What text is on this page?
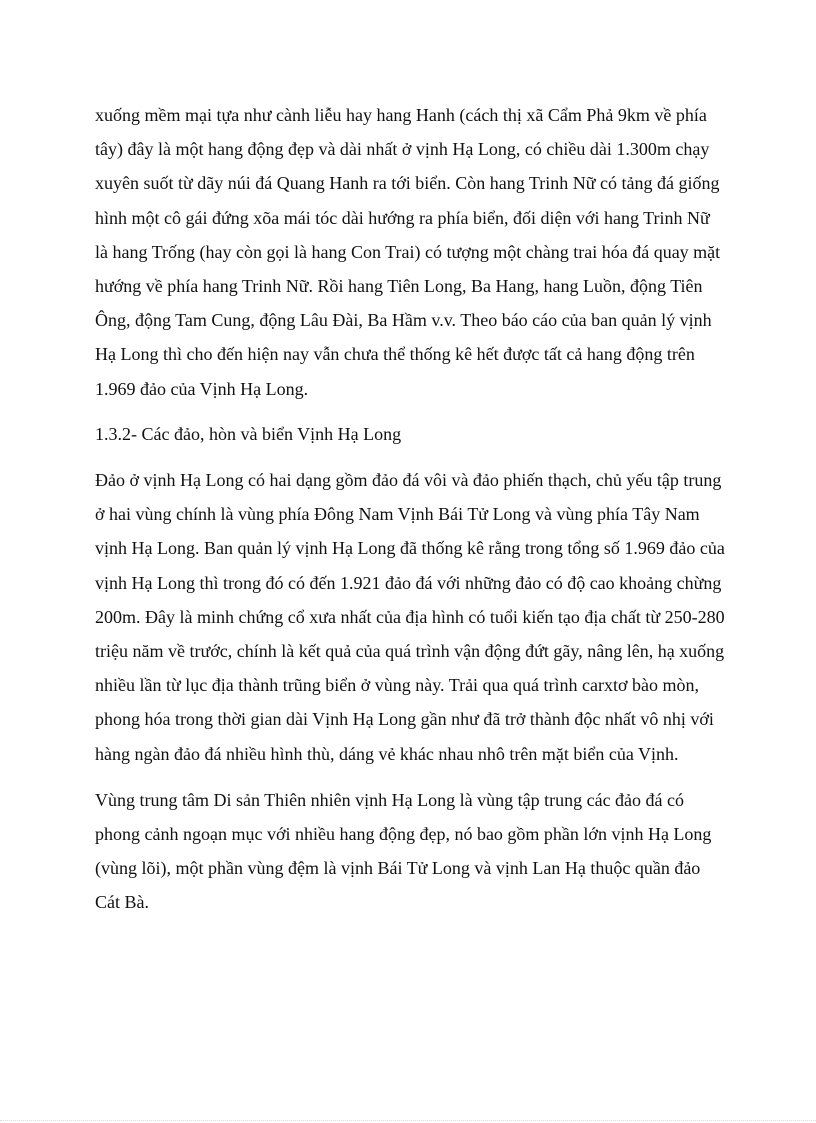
xuống mềm mại tựa như cành liễu hay hang Hanh (cách thị xã Cẩm Phả 9km về phía tây) đây là một hang động đẹp và dài nhất ở vịnh Hạ Long, có chiều dài 1.300m chạy xuyên suốt từ dãy núi đá Quang Hanh ra tới biển. Còn hang Trinh Nữ có tảng đá giống hình một cô gái đứng xõa mái tóc dài hướng ra phía biển, đối diện với hang Trinh Nữ là hang Trống (hay còn gọi là hang Con Trai) có tượng một chàng trai hóa đá quay mặt hướng về phía hang Trinh Nữ. Rồi hang Tiên Long, Ba Hang, hang Luồn, động Tiên Ông, động Tam Cung, động Lâu Đài, Ba Hầm v.v. Theo báo cáo của ban quản lý vịnh Hạ Long thì cho đến hiện nay vẫn chưa thể thống kê hết được tất cả hang động trên 1.969 đảo của Vịnh Hạ Long.

1.3.2- Các đảo, hòn và biển Vịnh Hạ Long

Đảo ở vịnh Hạ Long có hai dạng gồm đảo đá vôi và đảo phiến thạch, chủ yếu tập trung ở hai vùng chính là vùng phía Đông Nam Vịnh Bái Tử Long và vùng phía Tây Nam vịnh Hạ Long. Ban quản lý vịnh Hạ Long đã thống kê rằng trong tổng số 1.969 đảo của vịnh Hạ Long thì trong đó có đến 1.921 đảo đá với những đảo có độ cao khoảng chừng 200m. Đây là minh chứng cổ xưa nhất của địa hình có tuổi kiến tạo địa chất từ 250-280 triệu năm về trước, chính là kết quả của quá trình vận động đứt gãy, nâng lên, hạ xuống nhiều lần từ lục địa thành trũng biển ở vùng này. Trải qua quá trình carxtơ bào mòn, phong hóa trong thời gian dài Vịnh Hạ Long gần như đã trở thành độc nhất vô nhị với hàng ngàn đảo đá nhiều hình thù, dáng vẻ khác nhau nhô trên mặt biển của Vịnh.

Vùng trung tâm Di sản Thiên nhiên vịnh Hạ Long là vùng tập trung các đảo đá có phong cảnh ngoạn mục với nhiều hang động đẹp, nó bao gồm phần lớn vịnh Hạ Long (vùng lõi), một phần vùng đệm là vịnh Bái Tử Long và vịnh Lan Hạ thuộc quần đảo Cát Bà.
